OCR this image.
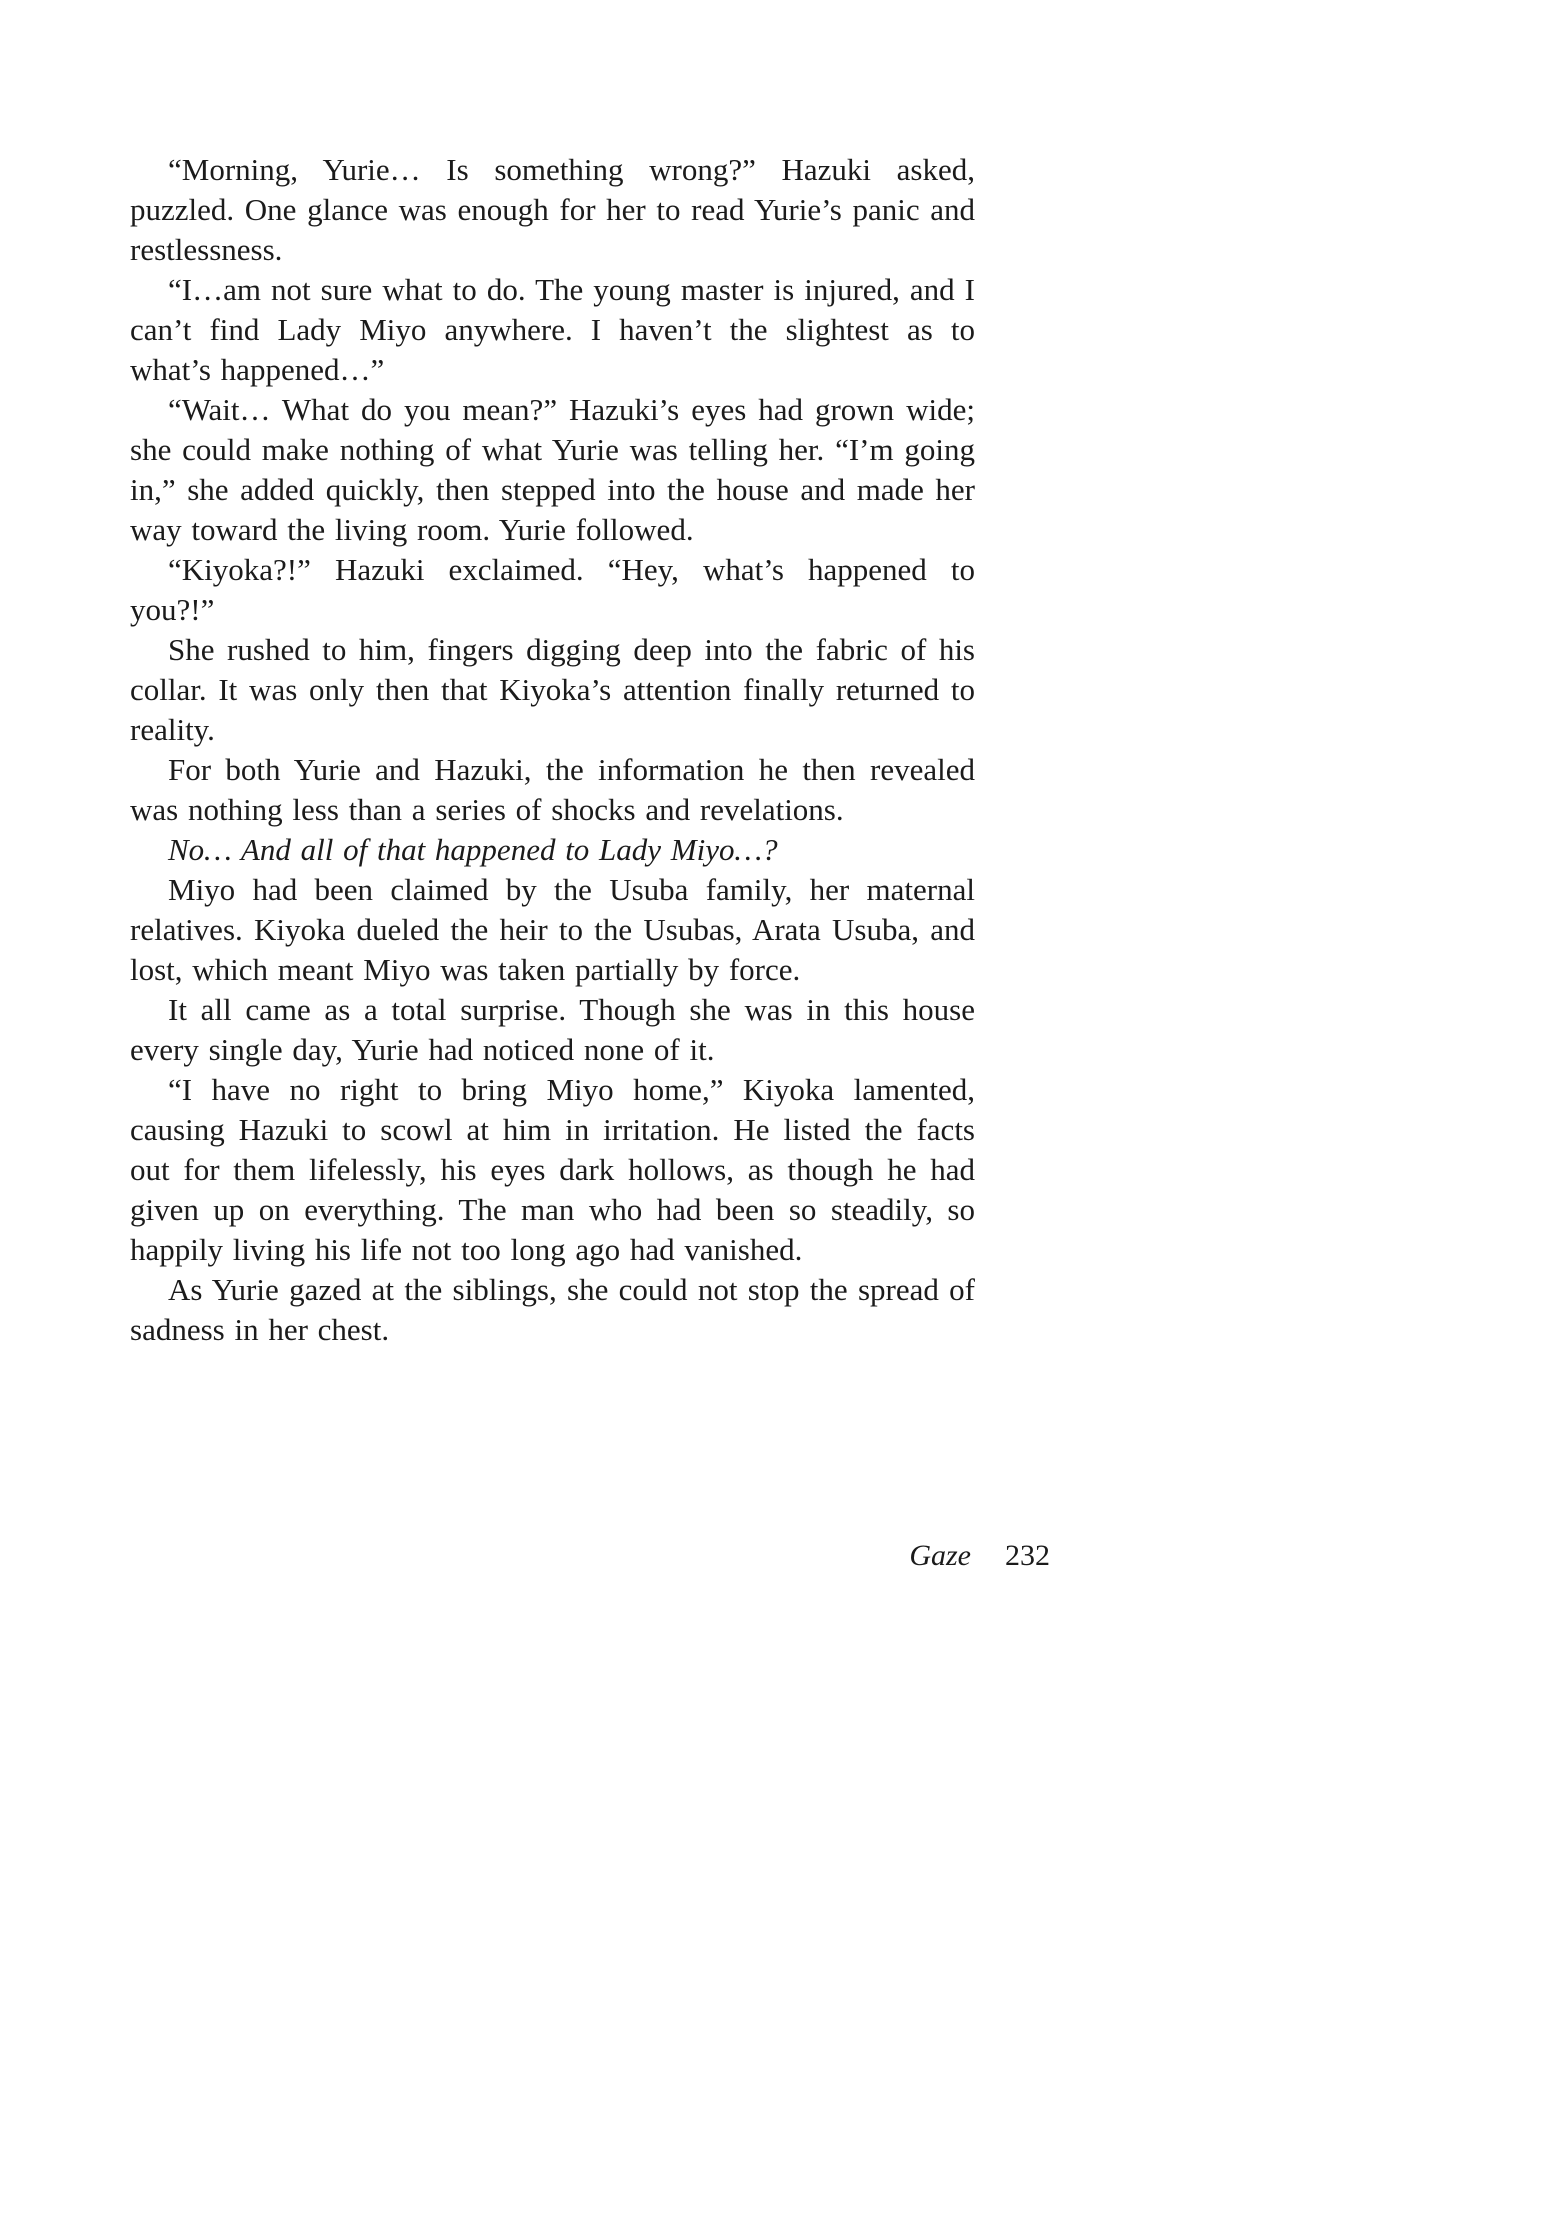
“Morning, Yurie… Is something wrong?” Hazuki asked, puzzled. One glance was enough for her to read Yurie’s panic and restlessness.

“I…am not sure what to do. The young master is injured, and I can’t find Lady Miyo anywhere. I haven’t the slightest as to what’s happened…”

“Wait… What do you mean?” Hazuki’s eyes had grown wide; she could make nothing of what Yurie was telling her. “I’m going in,” she added quickly, then stepped into the house and made her way toward the living room. Yurie followed.

“Kiyoka?!” Hazuki exclaimed. “Hey, what’s happened to you?!”

She rushed to him, fingers digging deep into the fabric of his collar. It was only then that Kiyoka’s attention finally returned to reality.

For both Yurie and Hazuki, the information he then revealed was nothing less than a series of shocks and revelations.

No… And all of that happened to Lady Miyo…?

Miyo had been claimed by the Usuba family, her maternal relatives. Kiyoka dueled the heir to the Usubas, Arata Usuba, and lost, which meant Miyo was taken partially by force.

It all came as a total surprise. Though she was in this house every single day, Yurie had noticed none of it.

“I have no right to bring Miyo home,” Kiyoka lamented, causing Hazuki to scowl at him in irritation. He listed the facts out for them lifelessly, his eyes dark hollows, as though he had given up on everything. The man who had been so steadily, so happily living his life not too long ago had vanished.

As Yurie gazed at the siblings, she could not stop the spread of sadness in her chest.

Gaze 232
